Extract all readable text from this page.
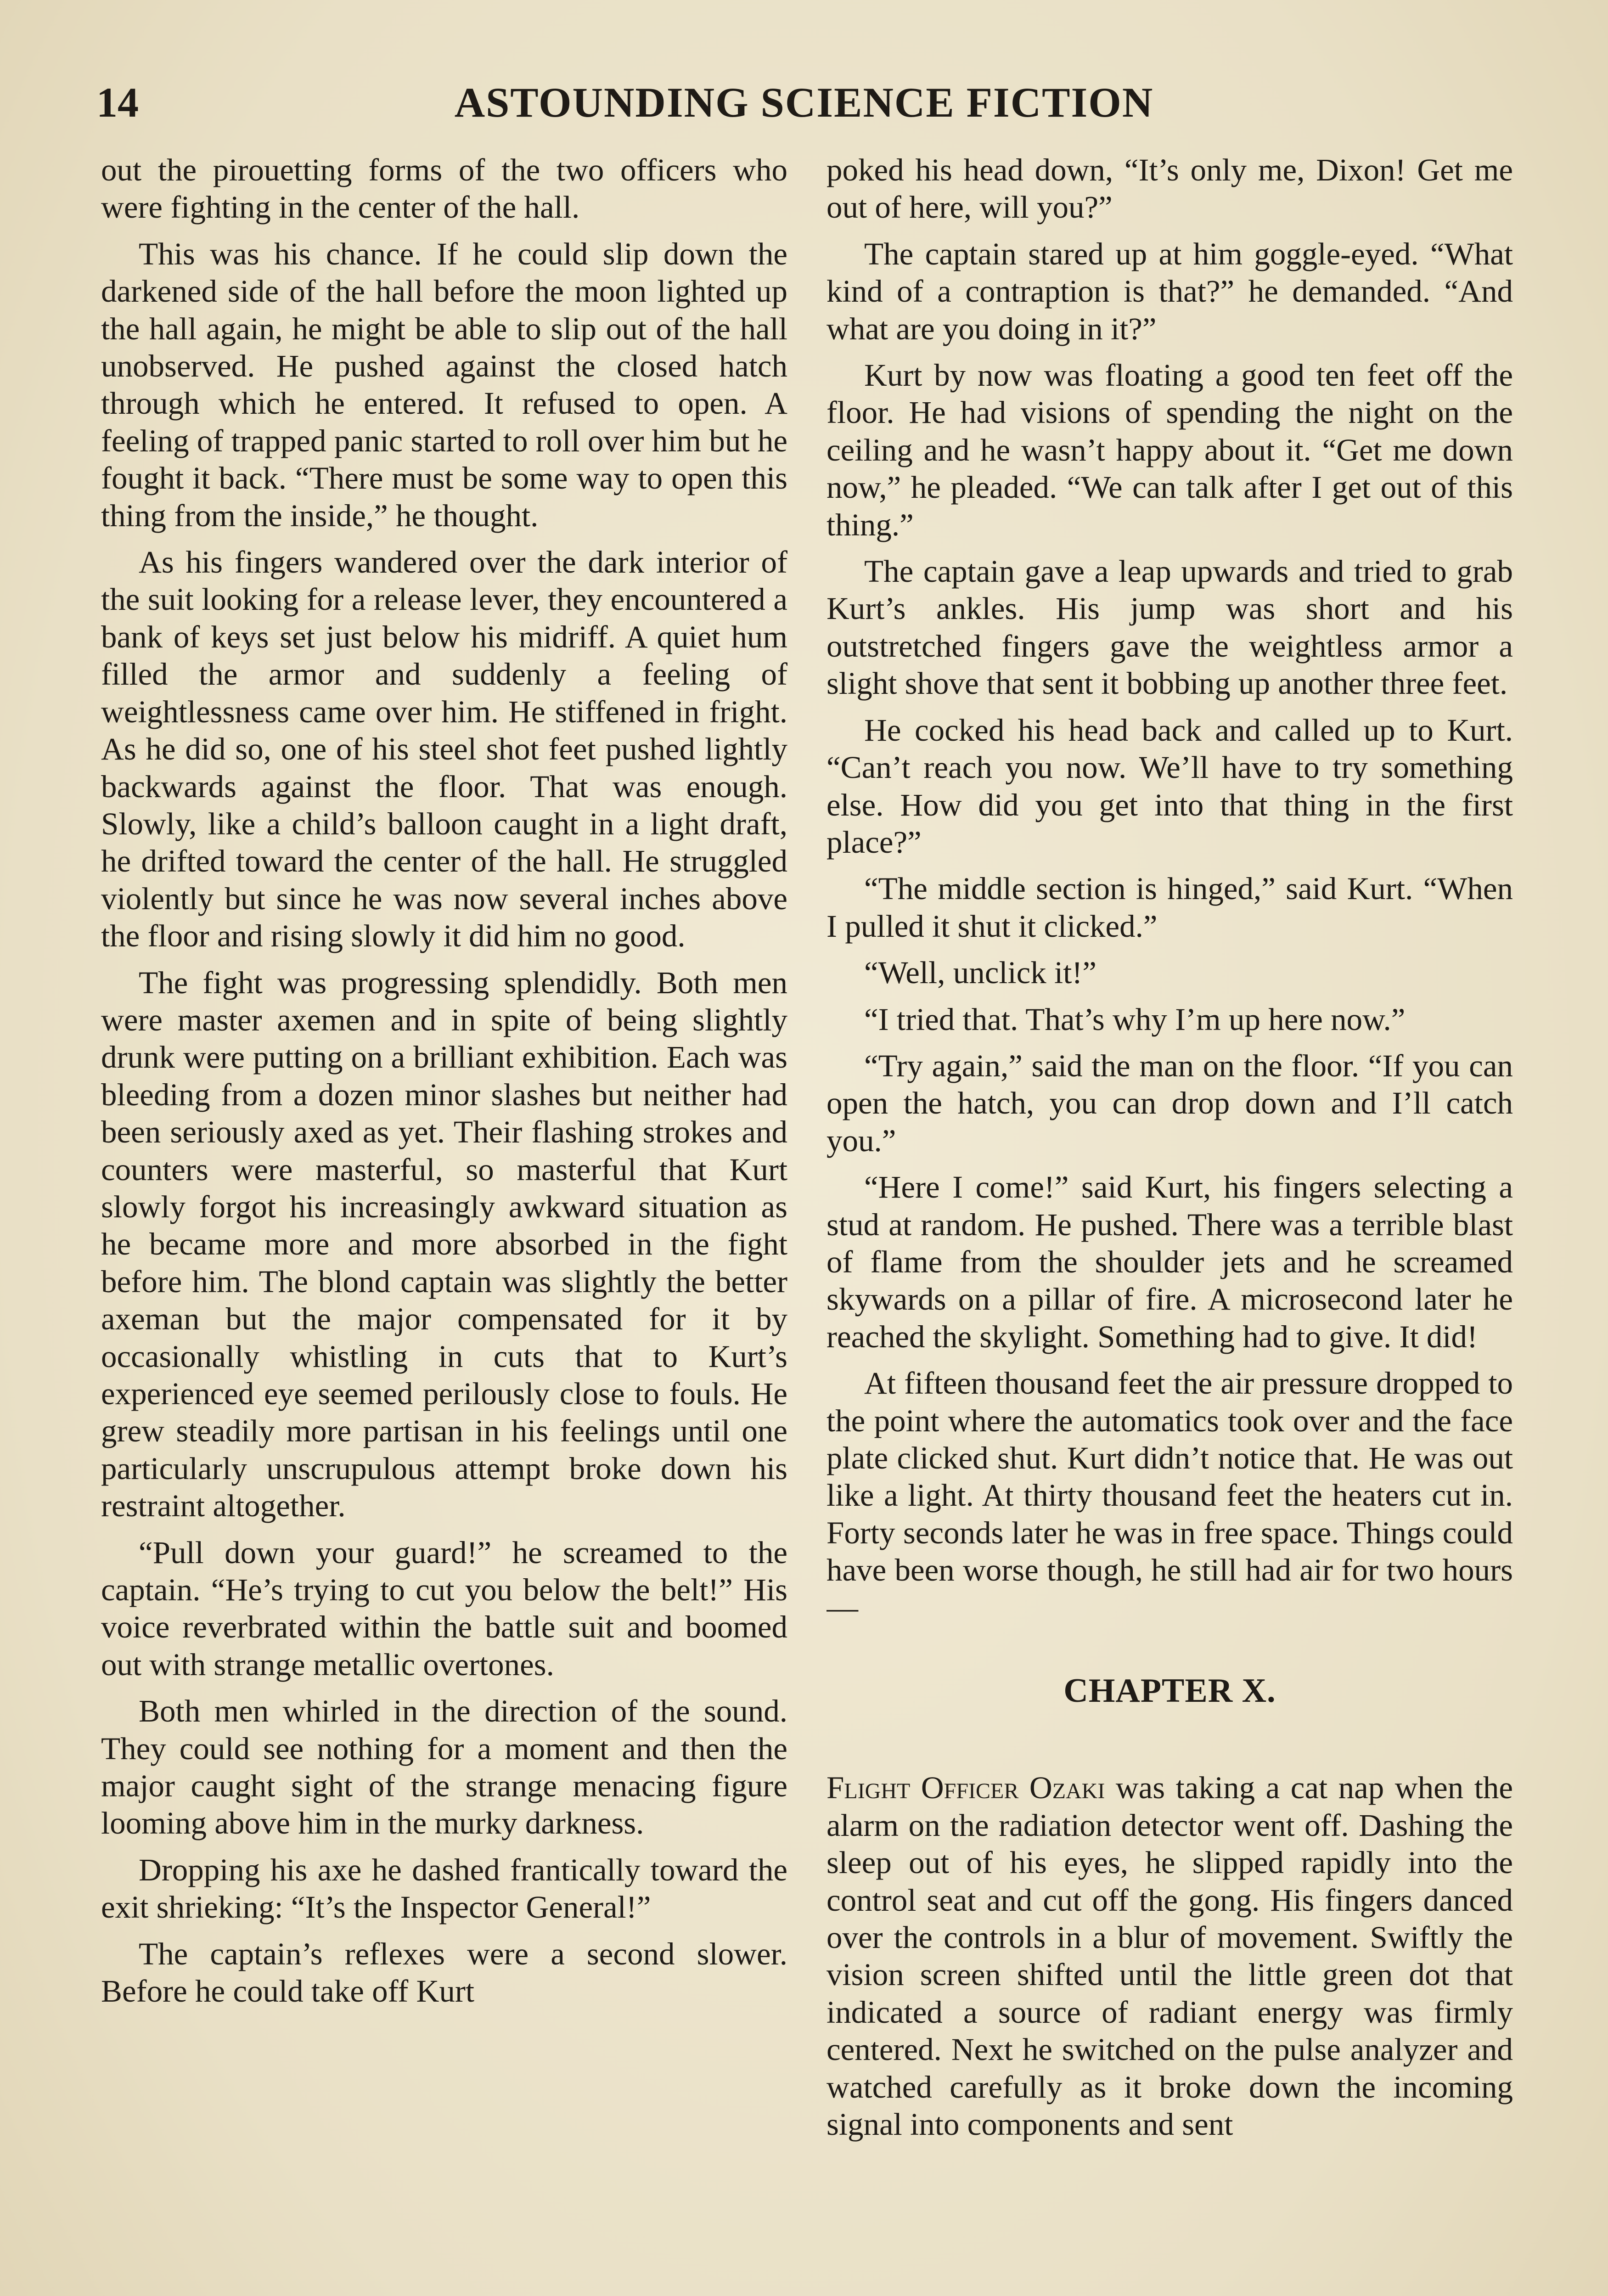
14	ASTOUNDING SCIENCE FICTION

out the pirouetting forms of the two officers who were fighting in the center of the hall.

This was his chance. If he could slip down the darkened side of the hall before the moon lighted up the hall again, he might be able to slip out of the hall unobserved. He pushed against the closed hatch through which he entered. It refused to open. A feeling of trapped panic started to roll over him but he fought it back. “There must be some way to open this thing from the inside,” he thought.

As his fingers wandered over the dark interior of the suit looking for a release lever, they encountered a bank of keys set just below his midriff. A quiet hum filled the armor and suddenly a feeling of weightlessness came over him. He stiffened in fright. As he did so, one of his steel shot feet pushed lightly backwards against the floor. That was enough. Slowly, like a child’s balloon caught in a light draft, he drifted toward the center of the hall. He struggled violently but since he was now several inches above the floor and rising slowly it did him no good.

The fight was progressing splendidly. Both men were master axemen and in spite of being slightly drunk were putting on a brilliant exhibition. Each was bleeding from a dozen minor slashes but neither had been seriously axed as yet. Their flashing strokes and counters were masterful, so masterful that Kurt slowly forgot his increasingly awkward situation as he became more and more absorbed in the fight before him. The blond captain was slightly the better axeman but the major compensated for it by occasionally whistling in cuts that to Kurt’s experienced eye seemed perilously close to fouls. He grew steadily more partisan in his feelings until one particularly unscrupulous attempt broke down his restraint altogether.

“Pull down your guard!” he screamed to the captain. “He’s trying to cut you below the belt!” His voice reverbrated within the battle suit and boomed out with strange metallic overtones.

Both men whirled in the direction of the sound. They could see nothing for a moment and then the major caught sight of the strange menacing figure looming above him in the murky darkness.

Dropping his axe he dashed frantically toward the exit shrieking: “It’s the Inspector General!”

The captain’s reflexes were a second slower. Before he could take off Kurt

poked his head down, “It’s only me, Dixon! Get me out of here, will you?”

The captain stared up at him goggle-eyed. “What kind of a contraption is that?” he demanded. “And what are you doing in it?”

Kurt by now was floating a good ten feet off the floor. He had visions of spending the night on the ceiling and he wasn’t happy about it. “Get me down now,” he pleaded. “We can talk after I get out of this thing.”

The captain gave a leap upwards and tried to grab Kurt’s ankles. His jump was short and his outstretched fingers gave the weightless armor a slight shove that sent it bobbing up another three feet.

He cocked his head back and called up to Kurt. “Can’t reach you now. We’ll have to try something else. How did you get into that thing in the first place?”

“The middle section is hinged,” said Kurt. “When I pulled it shut it clicked.”

“Well, unclick it!”

“I tried that. That’s why I’m up here now.”

“Try again,” said the man on the floor. “If you can open the hatch, you can drop down and I’ll catch you.”

“Here I come!” said Kurt, his fingers selecting a stud at random. He pushed. There was a terrible blast of flame from the shoulder jets and he screamed skywards on a pillar of fire. A microsecond later he reached the skylight. Something had to give. It did!

At fifteen thousand feet the air pressure dropped to the point where the automatics took over and the face plate clicked shut. Kurt didn’t notice that. He was out like a light. At thirty thousand feet the heaters cut in. Forty seconds later he was in free space. Things could have been worse though, he still had air for two hours—

CHAPTER X.

Flight Officer Ozaki was taking a cat nap when the alarm on the radiation detector went off. Dashing the sleep out of his eyes, he slipped rapidly into the control seat and cut off the gong. His fingers danced over the controls in a blur of movement. Swiftly the vision screen shifted until the little green dot that indicated a source of radiant energy was firmly centered. Next he switched on the pulse analyzer and watched carefully as it broke down the incoming signal into components and sent
